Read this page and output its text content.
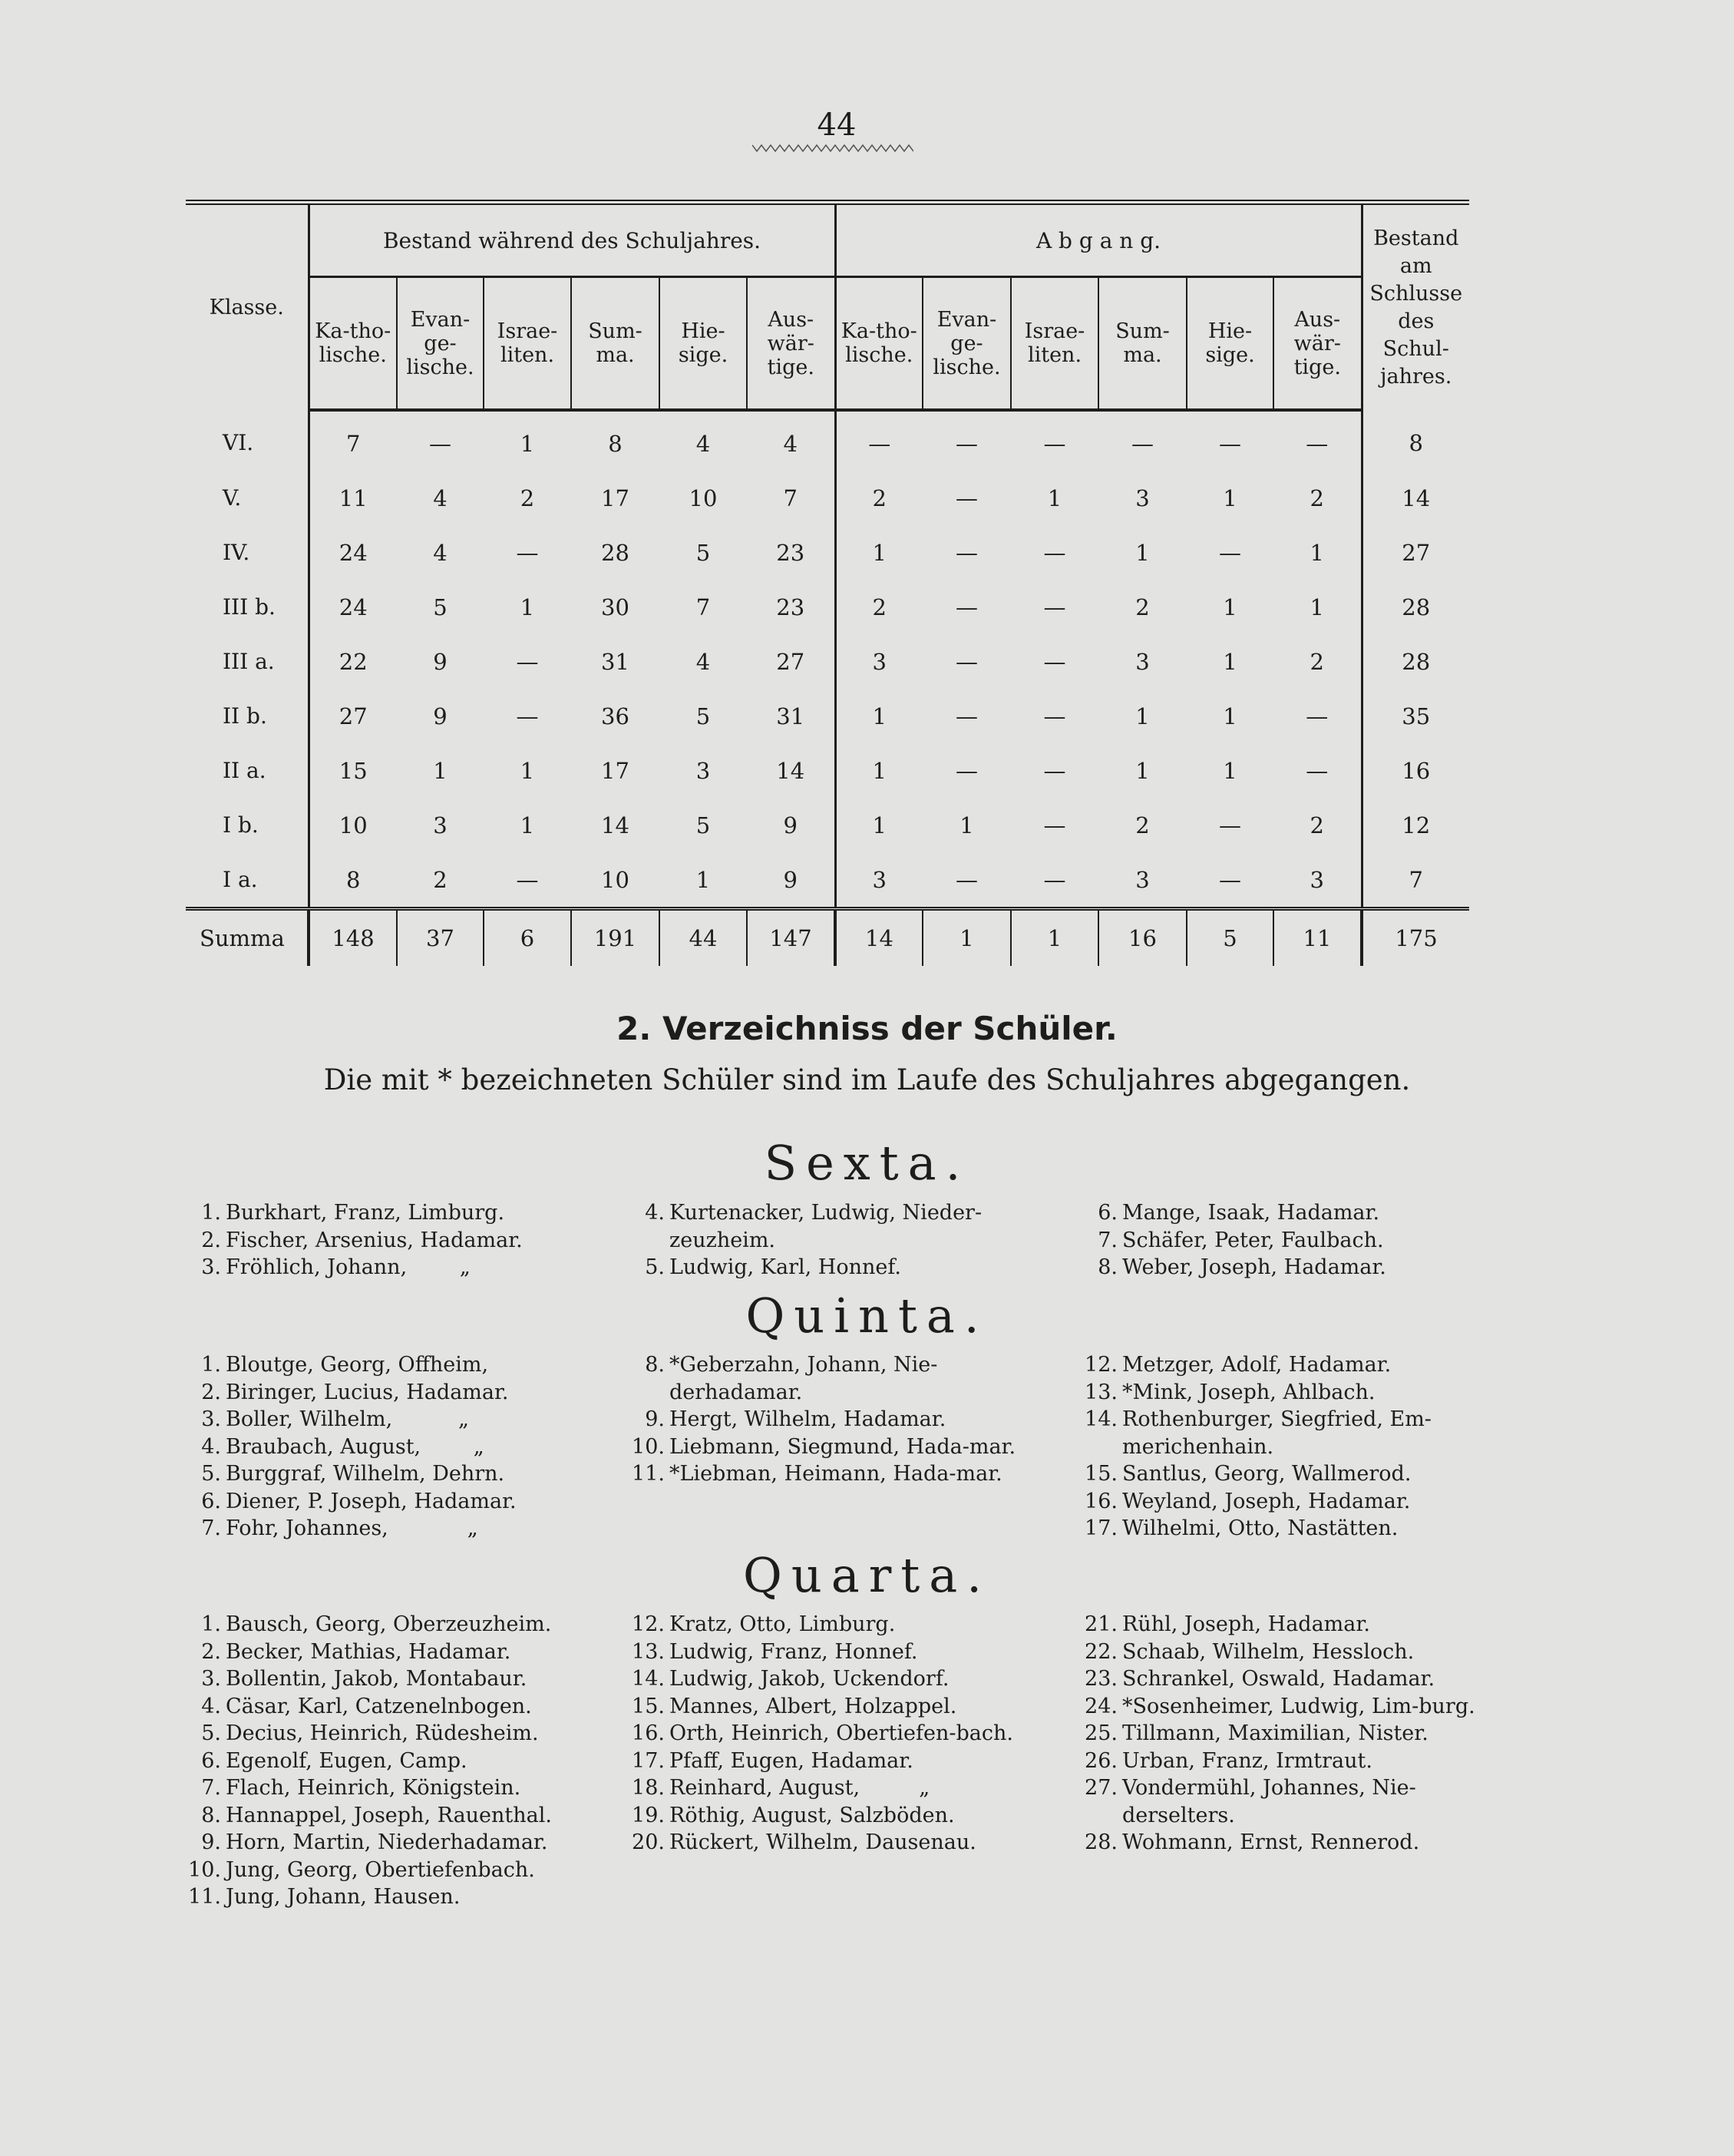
44
Klasse.	Bestand während des Schuljahres.						A b g a n g.						Bestand am Schlusse des Schul-jahres.
	Ka-tho-lische.	Evan-ge-lische.	Israe-liten.	Sum-ma.	Hie-sige.	Aus-wär-tige.	Ka-tho-lische.	Evan-ge-lische.	Israe-liten.	Sum-ma.	Hie-sige.	Aus-wär-tige.	
VI.	7	—	1	8	4	4	—	—	—	—	—	—	8
V.	11	4	2	17	10	7	2	—	1	3	1	2	14
IV.	24	4	—	28	5	23	1	—	—	1	—	1	27
III b.	24	5	1	30	7	23	2	—	—	2	1	1	28
III a.	22	9	—	31	4	27	3	—	—	3	1	2	28
II b.	27	9	—	36	5	31	1	—	—	1	1	—	35
II a.	15	1	1	17	3	14	1	—	—	1	1	—	16
I b.	10	3	1	14	5	9	1	1	—	2	—	2	12
I a.	8	2	—	10	1	9	3	—	—	3	—	3	7
Summa	148	37	6	191	44	147	14	1	1	16	5	11	175
2. Verzeichniss der Schüler.
Die mit * bezeichneten Schüler sind im Laufe des Schuljahres abgegangen.
Sexta.
1. Burkhart, Franz, Limburg.
2. Fischer, Arsenius, Hadamar.
3. Fröhlich, Johann,        „
4. Kurtenacker, Ludwig, Nieder-zeuzheim.
5. Ludwig, Karl, Honnef.
6. Mange, Isaak, Hadamar.
7. Schäfer, Peter, Faulbach.
8. Weber, Joseph, Hadamar.
Quinta.
1. Bloutge, Georg, Offheim,
2. Biringer, Lucius, Hadamar.
3. Boller, Wilhelm,          „
4. Braubach, August,        „
5. Burggraf, Wilhelm, Dehrn.
6. Diener, P. Joseph, Hadamar.
7. Fohr, Johannes,            „
8. *Geberzahn, Johann, Nie-derhadamar.
9. Hergt, Wilhelm, Hadamar.
10. Liebmann, Siegmund, Hada-mar.
11. *Liebman, Heimann, Hada-mar.
12. Metzger, Adolf, Hadamar.
13. *Mink, Joseph, Ahlbach.
14. Rothenburger, Siegfried, Em-merichenhain.
15. Santlus, Georg, Wallmerod.
16. Weyland, Joseph, Hadamar.
17. Wilhelmi, Otto, Nastätten.
Quarta.
1. Bausch, Georg, Oberzeuzheim.
2. Becker, Mathias, Hadamar.
3. Bollentin, Jakob, Montabaur.
4. Cäsar, Karl, Catzenelnbogen.
5. Decius, Heinrich, Rüdesheim.
6. Egenolf, Eugen, Camp.
7. Flach, Heinrich, Königstein.
8. Hannappel, Joseph, Rauenthal.
9. Horn, Martin, Niederhadamar.
10. Jung, Georg, Obertiefenbach.
11. Jung, Johann, Hausen.
12. Kratz, Otto, Limburg.
13. Ludwig, Franz, Honnef.
14. Ludwig, Jakob, Uckendorf.
15. Mannes, Albert, Holzappel.
16. Orth, Heinrich, Obertiefen-bach.
17. Pfaff, Eugen, Hadamar.
18. Reinhard, August,         „
19. Röthig, August, Salzböden.
20. Rückert, Wilhelm, Dausenau.
21. Rühl, Joseph, Hadamar.
22. Schaab, Wilhelm, Hessloch.
23. Schrankel, Oswald, Hadamar.
24. *Sosenheimer, Ludwig, Lim-burg.
25. Tillmann, Maximilian, Nister.
26. Urban, Franz, Irmtraut.
27. Vondermühl, Johannes, Nie-derselters.
28. Wohmann, Ernst, Rennerod.
